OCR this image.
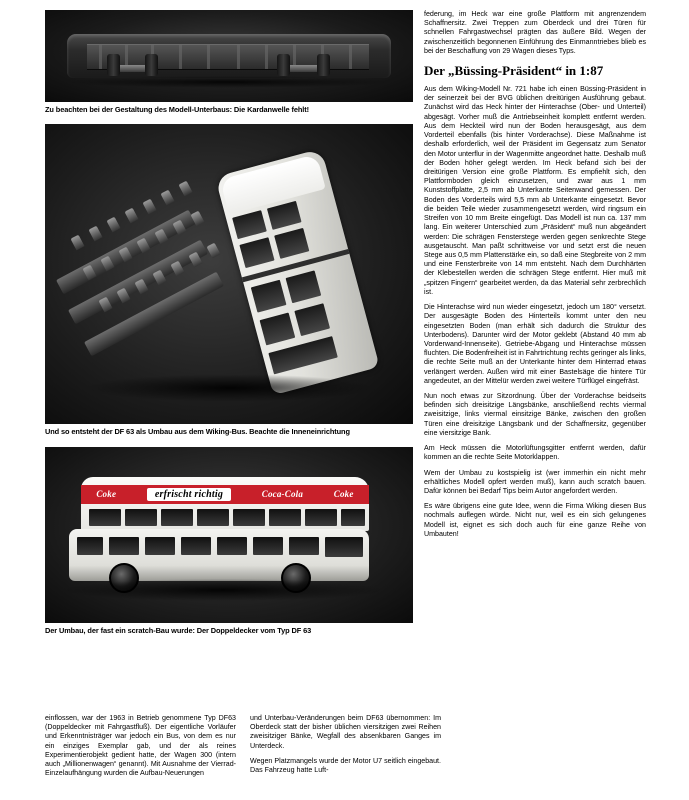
Zu beachten bei der Gestaltung des Modell-Unterbaus: Die Kardanwelle fehlt!
Und so entsteht der DF 63 als Umbau aus dem Wiking-Bus. Beachte die Inneneinrichtung
Coke	erfrischt richtig	Coca-Cola	Coke
Der Umbau, der fast ein scratch-Bau wurde: Der Doppeldecker vom Typ DF 63

federung, im Heck war eine große Plattform mit angrenzendem Schaffnersitz. Zwei Treppen zum Oberdeck und drei Türen für schnellen Fahrgastwechsel prägten das äußere Bild. Wegen der zwischenzeitlich begonnenen Einführung des Einmanntriebes blieb es bei der Beschaffung von 29 Wagen dieses Typs.

Der „Büssing-Präsident“ in 1:87

Aus dem Wiking-Modell Nr. 721 habe ich einen Büssing-Präsident in der seinerzeit bei der BVG üblichen dreitürigen Ausführung gebaut. Zunächst wird das Heck hinter der Hinterachse (Ober- und Unterteil) abgesägt. Vorher muß die Antriebseinheit komplett entfernt werden. Aus dem Heckteil wird nun der Boden herausgesägt, aus dem Vorderteil ebenfalls (bis hinter Vorderachse). Diese Maßnahme ist deshalb erforderlich, weil der Präsident im Gegensatz zum Senator den Motor unterflur in der Wagenmitte angeordnet hatte. Deshalb muß der Boden höher gelegt werden. Im Heck befand sich bei der dreitürigen Version eine große Plattform. Es empfiehlt sich, den Plattformboden gleich einzusetzen, und zwar aus 1 mm Kunststoffplatte, 2,5 mm ab Unterkante Seitenwand gemessen. Der Boden des Vorderteils wird 5,5 mm ab Unterkante eingesetzt. Bevor die beiden Teile wieder zusammengesetzt werden, wird ringsum ein Streifen von 10 mm Breite eingefügt. Das Modell ist nun ca. 137 mm lang. Ein weiterer Unterschied zum „Präsident“ muß nun abgeändert werden: Die schrägen Fensterstege werden gegen senkrechte Stege ausgetauscht. Man paßt schrittweise vor und setzt erst die neuen Stege aus 0,5 mm Plattenstärke ein, so daß eine Stegbreite von 2 mm und eine Fensterbreite von 14 mm entsteht. Nach dem Durchhärten der Klebestellen werden die schrägen Stege entfernt. Hier muß mit „spitzen Fingern“ gearbeitet werden, da das Material sehr zerbrechlich ist.

Die Hinterachse wird nun wieder eingesetzt, jedoch um 180° versetzt. Der ausgesägte Boden des Hinterteils kommt unter den neu eingesetzten Boden (man erhält sich dadurch die Struktur des Unterbodens). Darunter wird der Motor geklebt (Abstand 40 mm ab Vorderwand-Innenseite). Getriebe-Abgang und Hinterachse müssen fluchten. Die Bodenfreiheit ist in Fahrtrichtung rechts geringer als links, die rechte Seite muß an der Unterkante hinter dem Hinterrad etwas verlängert werden. Außen wird mit einer Bastelsäge die hintere Tür angedeutet, an der Mittelür werden zwei weitere Türflügel eingefräst.

Nun noch etwas zur Sitzordnung. Über der Vorderachse beidseits befinden sich dreisitzige Längsbänke, anschließend rechts viermal zweisitzige, links viermal einsitzige Bänke, zwischen den großen Türen eine dreisitzige Längsbank und der Schaffnersitz, gegenüber eine viersitzige Bank.

Am Heck müssen die Motorlüftungsgitter entfernt werden, dafür kommen an die rechte Seite Motorklappen.

Wem der Umbau zu kostspielig ist (wer immerhin ein nicht mehr erhältliches Modell opfert werden muß), kann auch scratch bauen. Dafür können bei Bedarf Tips beim Autor angefordert werden.

Es wäre übrigens eine gute Idee, wenn die Firma Wiking diesen Bus nochmals auflegen würde. Nicht nur, weil es ein sich gelungenes Modell ist, eignet es sich doch auch für eine ganze Reihe von Umbauten!

einflossen, war der 1963 in Betrieb genommene Typ DF63 (Doppeldecker mit Fahrgastfluß). Der eigentliche Vorläufer und Erkenntnisträger war jedoch ein Bus, von dem es nur ein einziges Exemplar gab, und der als reines Experimentierobjekt gedient hatte, der Wagen 300 (intern auch „Millionenwagen“ genannt). Mit Ausnahme der Vierrad-Einzelaufhängung wurden die Aufbau-Neuerungen

und Unterbau-Veränderungen beim DF63 übernommen: Im Oberdeck statt der bisher üblichen viersitzigen zwei Reihen zweisitziger Bänke, Wegfall des absenkbaren Ganges im Unterdeck.

Wegen Platzmangels wurde der Motor U7 seitlich eingebaut. Das Fahrzeug hatte Luft-
